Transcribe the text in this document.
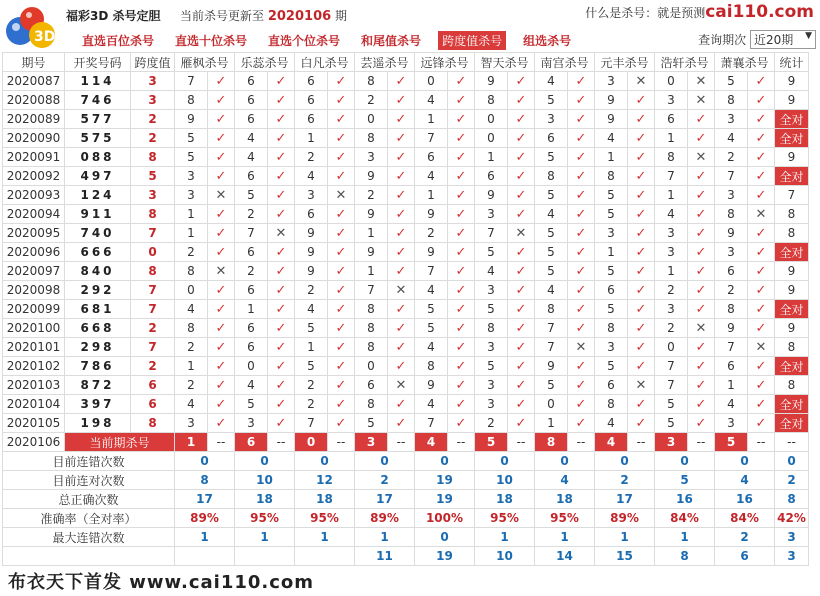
3D
福彩3D 杀号定胆 当前杀号更新至 2020106 期	什么是杀号：就是预测cai110.com
直选百位杀号 直选十位杀号 直选个位杀号 和尾值杀号 跨度值杀号 组选杀号	查询期次 近20期 ▼
期号	开奖号码	跨度值	雁枫杀号		乐蕊杀号		白凡杀号		芸遥杀号		远锋杀号		智天杀号		南宫杀号		元丰杀号		浩轩杀号		萧襄杀号		统计
2020087	114	3	7	✓	6	✓	6	✓	8	✓	0	✓	9	✓	4	✓	3	✕	0	✕	5	✓	9
2020088	746	3	8	✓	6	✓	6	✓	2	✓	4	✓	8	✓	5	✓	9	✓	3	✕	8	✓	9
2020089	577	2	9	✓	6	✓	6	✓	0	✓	1	✓	0	✓	3	✓	9	✓	6	✓	3	✓	全对
2020090	575	2	5	✓	4	✓	1	✓	8	✓	7	✓	0	✓	6	✓	4	✓	1	✓	4	✓	全对
2020091	088	8	5	✓	4	✓	2	✓	3	✓	6	✓	1	✓	5	✓	1	✓	8	✕	2	✓	9
2020092	497	5	3	✓	6	✓	4	✓	9	✓	4	✓	6	✓	8	✓	8	✓	7	✓	7	✓	全对
2020093	124	3	3	✕	5	✓	3	✕	2	✓	1	✓	9	✓	5	✓	5	✓	1	✓	3	✓	7
2020094	911	8	1	✓	2	✓	6	✓	9	✓	9	✓	3	✓	4	✓	5	✓	4	✓	8	✕	8
2020095	740	7	1	✓	7	✕	9	✓	1	✓	2	✓	7	✕	5	✓	3	✓	3	✓	9	✓	8
2020096	666	0	2	✓	6	✓	9	✓	9	✓	9	✓	5	✓	5	✓	1	✓	3	✓	3	✓	全对
2020097	840	8	8	✕	2	✓	9	✓	1	✓	7	✓	4	✓	5	✓	5	✓	1	✓	6	✓	9
2020098	292	7	0	✓	6	✓	2	✓	7	✕	4	✓	3	✓	4	✓	6	✓	2	✓	2	✓	9
2020099	681	7	4	✓	1	✓	4	✓	8	✓	5	✓	5	✓	8	✓	5	✓	3	✓	8	✓	全对
2020100	668	2	8	✓	6	✓	5	✓	8	✓	5	✓	8	✓	7	✓	8	✓	2	✕	9	✓	9
2020101	298	7	2	✓	6	✓	1	✓	8	✓	4	✓	3	✓	7	✕	3	✓	0	✓	7	✕	8
2020102	786	2	1	✓	0	✓	5	✓	0	✓	8	✓	5	✓	9	✓	5	✓	7	✓	6	✓	全对
2020103	872	6	2	✓	4	✓	2	✓	6	✕	9	✓	3	✓	5	✓	6	✕	7	✓	1	✓	8
2020104	397	6	4	✓	5	✓	2	✓	8	✓	4	✓	3	✓	0	✓	8	✓	5	✓	4	✓	全对
2020105	198	8	3	✓	3	✓	7	✓	5	✓	7	✓	2	✓	1	✓	4	✓	5	✓	3	✓	全对
2020106	当前期杀号		1	--	6	--	0	--	3	--	4	--	5	--	8	--	4	--	3	--	5	--	--
目前连错次数			0		0		0		0		0		0		0		0		0		0		0
目前连对次数			8		10		12		2		19		10		4		2		5		4		2
总正确次数			17		18		18		17		19		18		18		17		16		16		8
准确率（全对率）			89%		95%		95%		89%		100%		95%		95%		89%		84%		84%		42%
最大连错次数			1		1		1		1		0		1		1		1		1		2		3
									11		19		10		14		15		8		6		3
布衣天下首发 www.cai110.com
